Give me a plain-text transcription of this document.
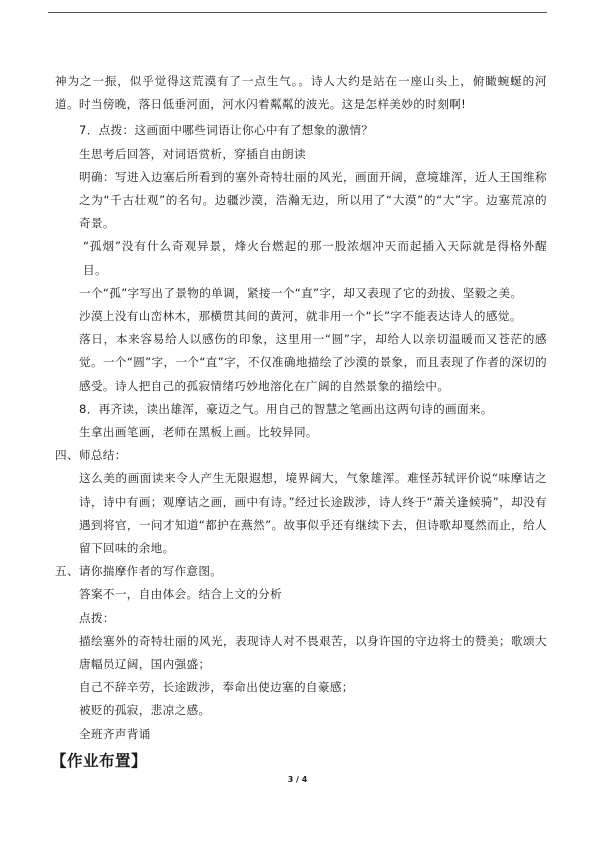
神为之一振，似乎觉得这荒漠有了一点生气。。诗人大约是站在一座山头上，俯瞰蜿蜒的河道。时当傍晚，落日低垂河面，河水闪着粼粼的波光。这是怎样美妙的时刻啊!

7．点拨：这画面中哪些词语让你心中有了想象的激情？

生思考后回答，对词语赏析，穿插自由朗读

明确：写进入边塞后所看到的塞外奇特壮丽的风光，画面开阔，意境雄浑，近人王国维称之为“千古壮观”的名句。边疆沙漠，浩瀚无边，所以用了“大漠”的“大”字。边塞荒凉的奇景。

“孤烟”没有什么奇观异景，烽火台燃起的那一股浓烟冲天而起插入天际就是得格外醒目。

一个“孤”字写出了景物的单调，紧接一个“直”字，却又表现了它的劲拔、坚毅之美。

沙漠上没有山峦林木，那横贯其间的黄河，就非用一个“长”字不能表达诗人的感觉。

落日，本来容易给人以感伤的印象，这里用一“圆”字，却给人以亲切温暖而又苍茫的感觉。一个“圆”字，一个“直”字，不仅准确地描绘了沙漠的景象，而且表现了作者的深切的感受。诗人把自己的孤寂情绪巧妙地溶化在广阔的自然景象的描绘中。

8．再齐读，读出雄浑，豪迈之气。用自己的智慧之笔画出这两句诗的画面来。

生拿出画笔画，老师在黑板上画。比较异同。

四、师总结：

这么美的画面读来令人产生无限遐想，境界阔大，气象雄浑。难怪苏轼评价说“味摩诘之诗，诗中有画；观摩诘之画，画中有诗。”经过长途跋涉，诗人终于“萧关逢候骑”，却没有遇到将官，一问才知道“都护在燕然”。故事似乎还有继续下去，但诗歌却戛然而止，给人留下回味的余地。

五、请你揣摩作者的写作意图。

答案不一，自由体会。结合上文的分析

点拨：

描绘塞外的奇特壮丽的风光，表现诗人对不畏艰苦，以身许国的守边将士的赞美；歌颂大唐幅员辽阔，国内强盛；

自己不辞辛劳，长途跋涉，奉命出使边塞的自豪感；

被贬的孤寂，悲凉之感。

全班齐声背诵

【作业布置】
3 / 4
